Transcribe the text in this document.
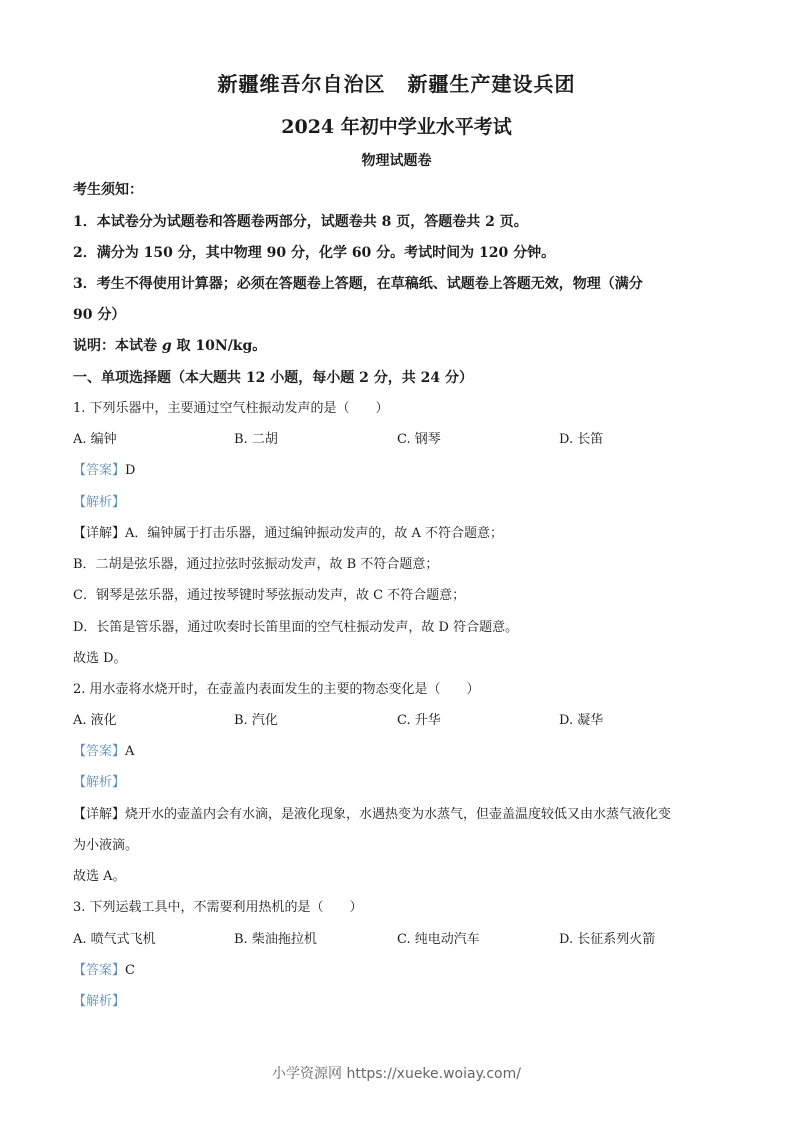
新疆维吾尔自治区 新疆生产建设兵团
2024 年初中学业水平考试
物理试题卷
考生须知：
1．本试卷分为试题卷和答题卷两部分，试题卷共 8 页，答题卷共 2 页。
2．满分为 150 分，其中物理 90 分，化学 60 分。考试时间为 120 分钟。
3．考生不得使用计算器；必须在答题卷上答题，在草稿纸、试题卷上答题无效，物理（满分
90 分）
说明：本试卷 g 取 10N/kg。
一、单项选择题（本大题共 12 小题，每小题 2 分，共 24 分）
1. 下列乐器中，主要通过空气柱振动发声的是（　　）
A. 编钟	B. 二胡	C. 钢琴	D. 长笛
【答案】D
【解析】
【详解】A．编钟属于打击乐器，通过编钟振动发声的，故 A 不符合题意；
B．二胡是弦乐器，通过拉弦时弦振动发声，故 B 不符合题意；
C．钢琴是弦乐器，通过按琴键时琴弦振动发声，故 C 不符合题意；
D．长笛是管乐器，通过吹奏时长笛里面的空气柱振动发声，故 D 符合题意。
故选 D。
2. 用水壶将水烧开时，在壶盖内表面发生的主要的物态变化是（　　）
A. 液化	B. 汽化	C. 升华	D. 凝华
【答案】A
【解析】
【详解】烧开水的壶盖内会有水滴，是液化现象，水遇热变为水蒸气，但壶盖温度较低又由水蒸气液化变
为小液滴。
故选 A。
3. 下列运载工具中，不需要利用热机的是（　　）
A. 喷气式飞机	B. 柴油拖拉机	C. 纯电动汽车	D. 长征系列火箭
【答案】C
【解析】
小学资源网 https://xueke.woiay.com/
